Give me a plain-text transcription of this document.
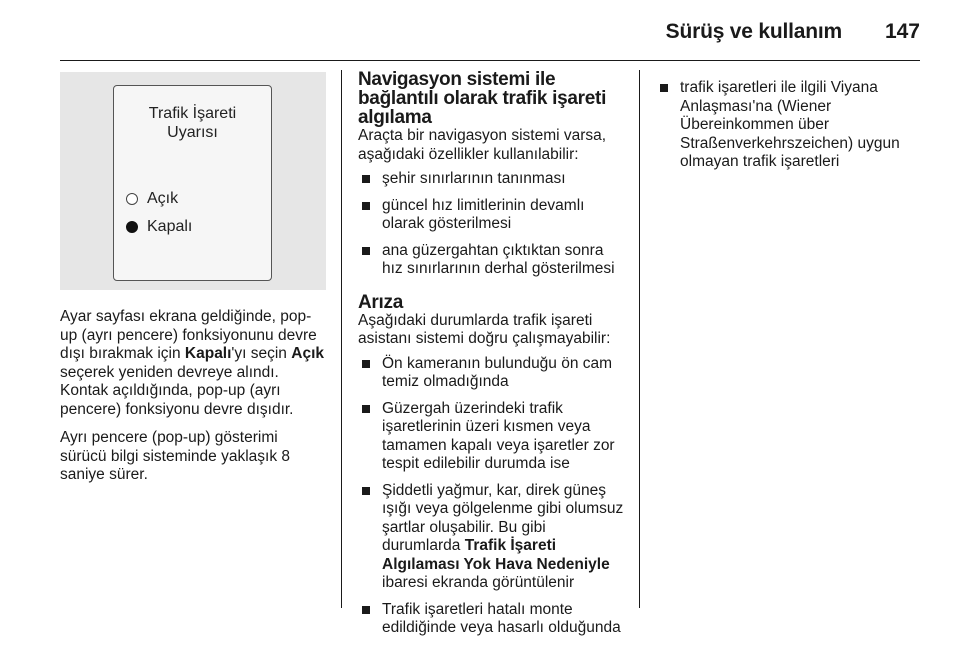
Sürüş ve kullanım 147
Trafik İşareti
Uyarısı
Açık
Kapalı

Ayar sayfası ekrana geldiğinde, pop-up (ayrı pencere) fonksiyonunu devre dışı bırakmak için Kapalı'yı seçin Açık seçerek yeniden devreye alındı. Kontak açıldığında, pop-up (ayrı pencere) fonksiyonu devre dışıdır.

Ayrı pencere (pop-up) gösterimi sürücü bilgi sisteminde yaklaşık 8 saniye sürer.

Navigasyon sistemi ile bağlantılı olarak trafik işareti algılama

Araçta bir navigasyon sistemi varsa, aşağıdaki özellikler kullanılabilir:

şehir sınırlarının tanınması
güncel hız limitlerinin devamlı olarak gösterilmesi
ana güzergahtan çıktıktan sonra hız sınırlarının derhal gösterilmesi
Arıza

Aşağıdaki durumlarda trafik işareti asistanı sistemi doğru çalışmayabilir:

Ön kameranın bulunduğu ön cam temiz olmadığında
Güzergah üzerindeki trafik işaretlerinin üzeri kısmen veya tamamen kapalı veya işaretler zor tespit edilebilir durumda ise
Şiddetli yağmur, kar, direk güneş ışığı veya gölgelenme gibi olumsuz şartlar oluşabilir. Bu gibi durumlarda Trafik İşareti Algılaması Yok Hava Nedeniyle ibaresi ekranda görüntülenir
Trafik işaretleri hatalı monte edildiğinde veya hasarlı olduğunda
trafik işaretleri ile ilgili Viyana Anlaşması'na (Wiener Übereinkommen über Straßenverkehrszeichen) uygun olmayan trafik işaretleri
